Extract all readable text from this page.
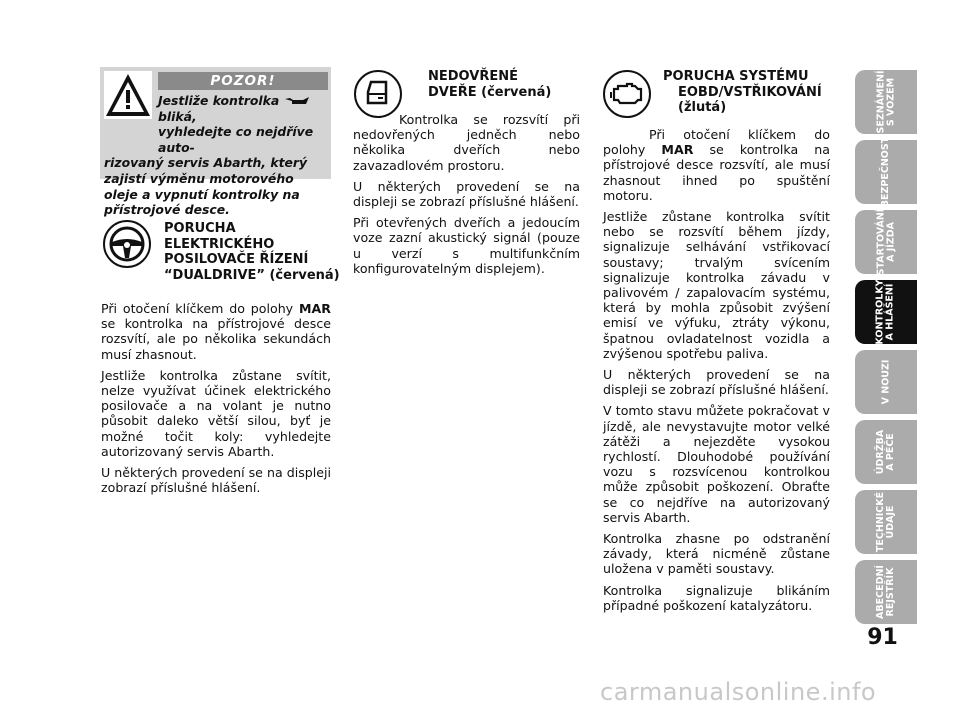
POZOR!
Jestliže kontrolka  bliká,
vyhledejte co nejdříve auto-
rizovaný servis Abarth, který zajistí výměnu motorového oleje a vypnutí kontrolky na přístrojové desce.
PORUCHA
ELEKTRICKÉHO
POSILOVAČE ŘÍZENÍ
“DUALDRIVE” (červená)

Při otočení klíčkem do polohy MAR se kontrolka na přístrojové desce rozsvítí, ale po několika sekundách musí zhasnout.

Jestliže kontrolka zůstane svítit, nelze využívat účinek elektrického posilovače a na volant je nutno působit daleko větší silou, byť je možné točit koly: vyhledejte autorizovaný servis Abarth.

U některých provedení se na displeji zobrazí příslušné hlášení.

NEDOVŘENÉ
DVEŘE (červená)

Kontrolka se rozsvítí při nedovřených jedněch nebo několika dveřích nebo zavazadlovém prostoru.

U některých provedení se na displeji se zobrazí příslušné hlášení.

Při otevřených dveřích a jedoucím voze zazní akustický signál (pouze u verzí s multifunkčním konfigurovatelným displejem).

PORUCHA SYSTÉMU
EOBD/VSTŘIKOVÁNÍ
(žlutá)

Při otočení klíčkem do polohy MAR se kontrolka na přístrojové desce rozsvítí, ale musí zhasnout ihned po spuštění motoru.

Jestliže zůstane kontrolka svítit nebo se rozsvítí během jízdy, signalizuje selhávání vstřikovací soustavy; trvalým svícením signalizuje kontrolka závadu v palivovém / zapalovacím systému, která by mohla způsobit zvýšení emisí ve výfuku, ztráty výkonu, špatnou ovladatelnost vozidla a zvýšenou spotřebu paliva.

U některých provedení se na displeji se zobrazí příslušné hlášení.

V tomto stavu můžete pokračovat v jízdě, ale nevystavujte motor velké zátěži a nejezděte vysokou rychlostí. Dlouhodobé používání vozu s rozsvícenou kontrolkou může způsobit poškození. Obraťte se co nejdříve na autorizovaný servis Abarth.

Kontrolka zhasne po odstranění závady, která nicméně zůstane uložena v paměti soustavy.

Kontrolka signalizuje blikáním případné poškození katalyzátoru.

SEZNÁMENÍ
S VOZEM
BEZPEČNOST
STARTOVÁNÍ
A JÍZDA
KONTROLKY
A HLÁŠENÍ
V NOUZI
ÚDRŽBA
A PÉČE
TECHNICKÉ
ÚDAJE
ABECEDNÍ
REJSTŘÍK
91
carmanualsonline.info
